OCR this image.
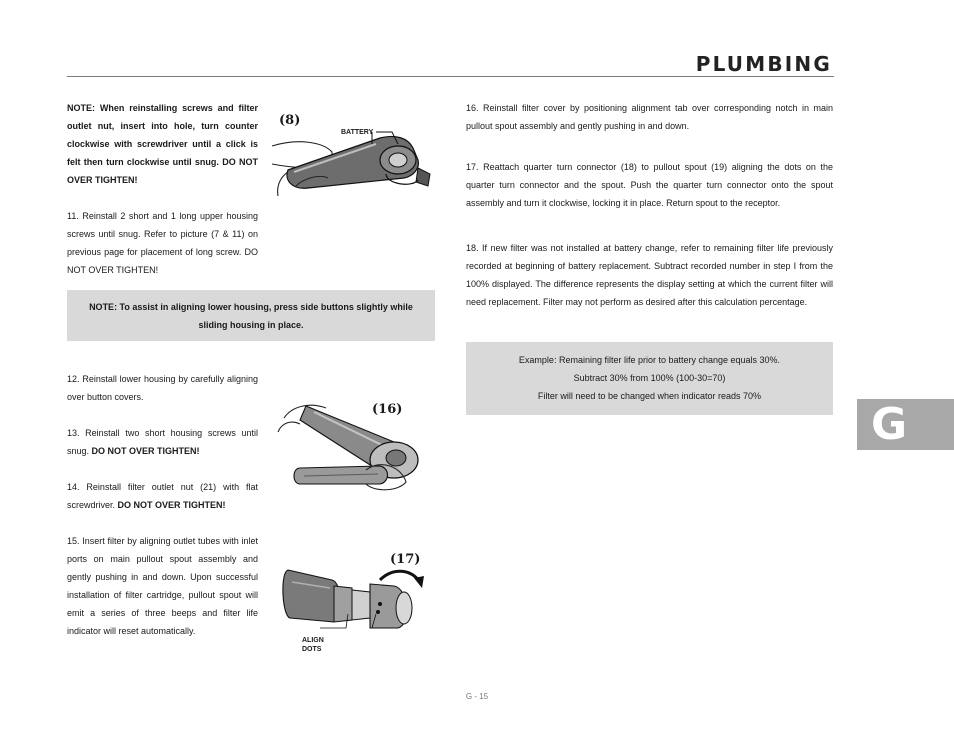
PLUMBING
NOTE: When reinstalling screws and filter outlet nut, insert into hole, turn counter clockwise with screwdriver until a click is felt then turn clockwise until snug. DO NOT OVER TIGHTEN!
11. Reinstall 2 short and 1 long upper housing screws until snug. Refer to picture (7 & 11) on previous page for placement of long screw. DO NOT OVER TIGHTEN!
NOTE: To assist in aligning lower housing, press side buttons slightly while sliding housing in place.
12. Reinstall lower housing by carefully aligning over button covers.
13. Reinstall two short housing screws until snug. DO NOT OVER TIGHTEN!
14. Reinstall filter outlet nut (21) with flat screwdriver. DO NOT OVER TIGHTEN!
15. Insert filter by aligning outlet tubes with inlet ports on main pullout spout assembly and gently pushing in and down. Upon successful installation of filter cartridge, pullout spout will emit a series of three beeps and filter life indicator will reset automatically.
(8)
BATTERY
(16)
(17)
ALIGN
DOTS
16. Reinstall filter cover by positioning alignment tab over corresponding notch in main pullout spout assembly and gently pushing in and down.
17. Reattach quarter turn connector (18) to pullout spout (19) aligning the dots on the quarter turn connector and the spout. Push the quarter turn connector onto the spout assembly and turn it clockwise, locking it in place. Return spout to the receptor.
18. If new filter was not installed at battery change, refer to remaining filter life previously recorded at beginning of battery replacement. Subtract recorded number in step I from the 100% displayed. The difference represents the display setting at which the current filter will need replacement. Filter may not perform as desired after this calculation percentage.
Example: Remaining filter life prior to battery change equals 30%.
Subtract 30% from 100% (100-30=70)
Filter will need to be changed when indicator reads 70%
G
G - 15
